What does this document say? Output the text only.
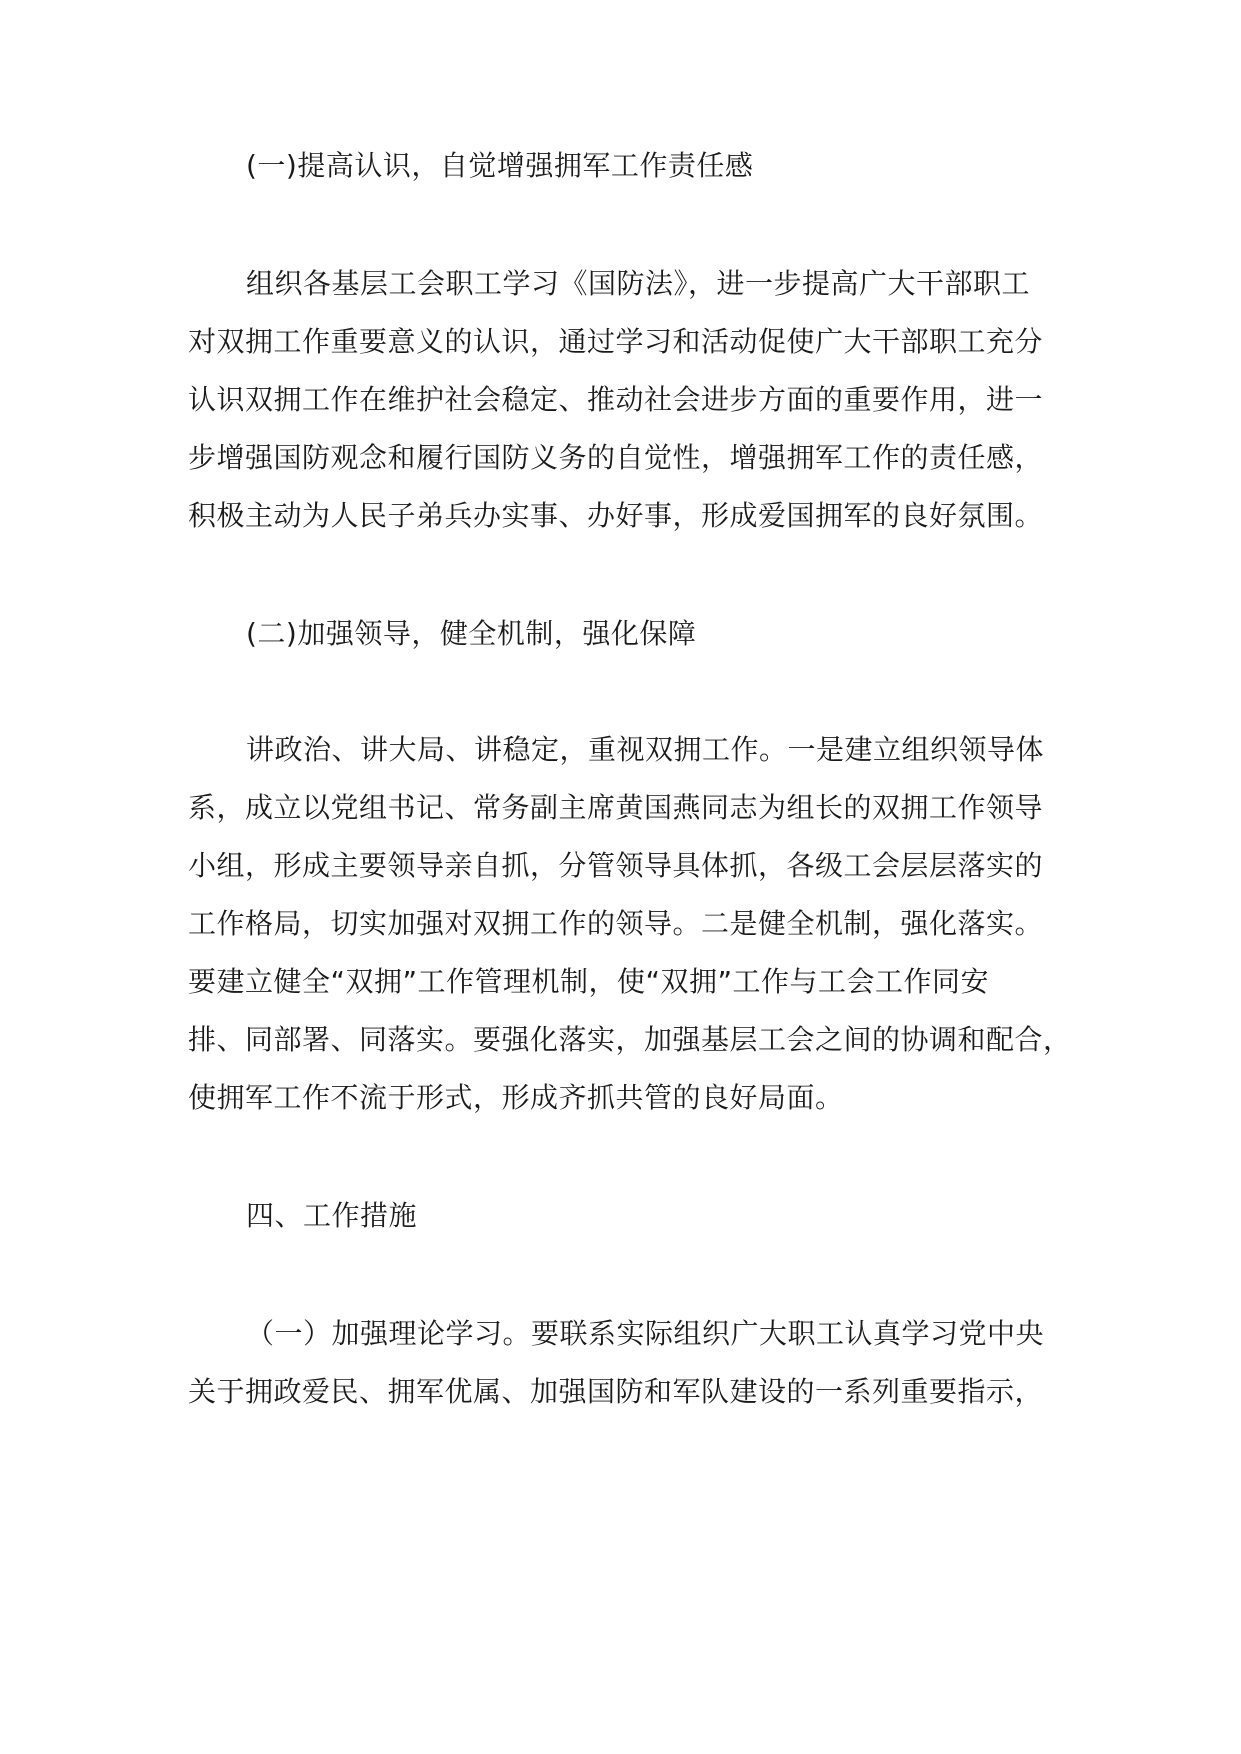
(一)提高认识，自觉增强拥军工作责任感
组织各基层工会职工学习《国防法》，进一步提高广大干部职工
对双拥工作重要意义的认识，通过学习和活动促使广大干部职工充分
认识双拥工作在维护社会稳定、推动社会进步方面的重要作用，进一
步增强国防观念和履行国防义务的自觉性，增强拥军工作的责任感，
积极主动为人民子弟兵办实事、办好事，形成爱国拥军的良好氛围。
(二)加强领导，健全机制，强化保障
讲政治、讲大局、讲稳定，重视双拥工作。一是建立组织领导体
系，成立以党组书记、常务副主席黄国燕同志为组长的双拥工作领导
小组，形成主要领导亲自抓，分管领导具体抓，各级工会层层落实的
工作格局，切实加强对双拥工作的领导。二是健全机制，强化落实。
要建立健全“双拥”工作管理机制，使“双拥”工作与工会工作同安
排、同部署、同落实。要强化落实，加强基层工会之间的协调和配合，
使拥军工作不流于形式，形成齐抓共管的良好局面。
四、工作措施
（一）加强理论学习。要联系实际组织广大职工认真学习党中央
关于拥政爱民、拥军优属、加强国防和军队建设的一系列重要指示，
